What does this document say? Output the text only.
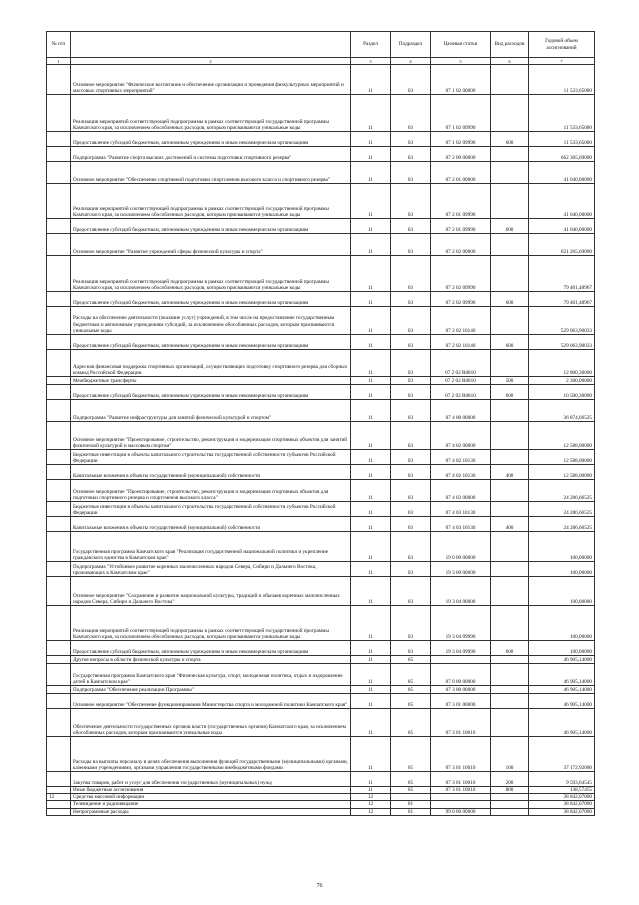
№ п/п		Раздел	Подраздел	Целевая статья	Вид расходов	Годовой объем ассигнований
1	2	3	4	5	6	7
	Основное мероприятие "Физическое воспитание и обеспечение организации и проведения физкультурных мероприятий и массовых спортивных мероприятий"	11	03	07 1 02 00000		11 533,65000
	Реализация мероприятий соответствующей подпрограммы в рамках соответствующей государственной программы Камчатского края, за исключением обособленных расходов, которым присваиваются уникальные коды	11	03	07 1 02 09990		11 533,65000
	Предоставление субсидий бюджетным, автономным учреждениям и иным некоммерческим организациям	11	03	07 1 02 09990	600	11 533,65000
	Подпрограмма "Развитие спорта высших достижений и системы подготовки спортивного резерва"	11	03	07 2 00 00000		662 305,69000
	Основное мероприятие "Обеспечение спортивной подготовки спортсменов высокого класса и спортивного резерва"	11	03	07 2 01 00000		41 040,00000
	Реализация мероприятий соответствующей подпрограммы в рамках соответствующей государственной программы Камчатского края, за исключением обособленных расходов, которым присваиваются уникальные коды	11	03	07 2 01 09990		41 040,00000
	Предоставление субсидий бюджетным, автономным учреждениям и иным некоммерческим организациям	11	03	07 2 01 09990	600	41 040,00000
	Основное мероприятие "Развитие учреждений сферы физической культуры и спорта"	11	03	07 2 02 00000		621 265,69000
	Реализация мероприятий соответствующей подпрограммы в рамках соответствующей государственной программы Камчатского края, за исключением обособленных расходов, которым присваиваются уникальные коды	11	03	07 2 02 09990		79 401,48967
	Предоставление субсидий бюджетным, автономным учреждениям и иным некоммерческим организациям	11	03	07 2 02 09990	600	79 401,48967
	Расходы на обеспечение деятельности (оказание услуг) учреждений, в том числе на предоставление государственным бюджетным и автономным учреждениям субсидий, за исключением обособленных расходов, которым присваиваются уникальные коды	11	03	07 2 02 10140		529 063,90033
	Предоставление субсидий бюджетным, автономным учреждениям и иным некоммерческим организациям	11	03	07 2 02 10140	600	529 063,90033
	Адресная финансовая поддержка спортивных организаций, осуществляющих подготовку спортивного резерва для сборных команд Российской Федерации	11	03	07 2 02 R0810		12 800,30000
	Межбюджетные трансферты	11	03	07 2 02 R0810	500	2 300,00000
	Предоставление субсидий бюджетным, автономным учреждениям и иным некоммерческим организациям	11	03	07 2 02 R0810	600	10 500,30000
	Подпрограмма "Развитие инфраструктуры для занятий физической культурой и спортом"	11	03	07 4 00 00000		36 874,66525
	Основное мероприятие "Проектирование, строительство, реконструкция и модернизация спортивных объектов для занятий физической культурой и массовым спортом"	11	03	07 4 02 00000		12 588,00000
	Бюджетные инвестиции в объекты капитального строительства государственной собственности субъектов Российской Федерации	11	03	07 4 02 10130		12 588,00000
	Капитальные вложения в объекты государственной (муниципальной) собственности	11	03	07 4 02 10130	400	12 588,00000
	Основное мероприятие "Проектирование, строительство, реконструкция и модернизация спортивных объектов для подготовки спортивного резерва и спортсменов высокого класса"	11	03	07 4 03 00000		24 286,66525
	Бюджетные инвестиции в объекты капитального строительства государственной собственности субъектов Российской Федерации	11	03	07 4 03 10130		24 286,66525
	Капитальные вложения в объекты государственной (муниципальной) собственности	11	03	07 4 03 10130	400	24 286,66525
	Государственная программа Камчатского края "Реализация государственной национальной политики и укрепление гражданского единства в Камчатском крае"	11	03	19 0 00 00000		100,00000
	Подпрограмма "Устойчивое развитие коренных малочисленных народов Севера, Сибири и Дальнего Востока, проживающих в Камчатском крае"	11	03	19 3 00 00000		100,00000
	Основное мероприятие "Сохранение и развитие национальной культуры, традиций и обычаев коренных малочисленных народов Севера, Сибири и Дальнего Востока"	11	03	19 3 04 00000		100,00000
	Реализация мероприятий соответствующей подпрограммы в рамках соответствующей государственной программы Камчатского края, за исключением обособленных расходов, которым присваиваются уникальные коды	11	03	19 3 04 09990		100,00000
	Предоставление субсидий бюджетным, автономным учреждениям и иным некоммерческим организациям	11	03	19 3 04 09990	600	100,00000
	Другие вопросы в области физической культуры и спорта	11	05			46 905,14000
	Государственная программа Камчатского края "Физическая культура, спорт, молодежная политика, отдых и оздоровление детей в Камчатском крае"	11	05	07 0 00 00000		46 905,14000
	Подпрограмма "Обеспечение реализации Программы"	11	05	07 3 00 00000		46 905,14000
	Основное мероприятие "Обеспечение функционирования Министерства спорта и молодежной политики Камчатского края"	11	05	07 3 01 00000		46 905,14000
	Обеспечение деятельности государственных органов власти (государственных органов) Камчатского края, за исключением обособленных расходов, которым присваиваются уникальные коды	11	05	07 3 01 10010		46 905,14000
	Расходы на выплаты персоналу в целях обеспечения выполнения функций государственными (муниципальными) органами, казенными учреждениями, органами управления государственными внебюджетными фондами	11	05	07 3 01 10010	100	37 172,92000
	Закупка товаров, работ и услуг для обеспечения государственных (муниципальных) нужд	11	05	07 3 01 10010	200	9 593,64545
	Иные бюджетные ассигнования	11	05	07 3 01 10010	800	138,57455
12	Средства массовой информации	12				38 842,07000
	Телевидение и радиовещание	12	01			38 842,07000
	Непрограммные расходы	12	01	99 0 00 00000		38 842,07000
76
